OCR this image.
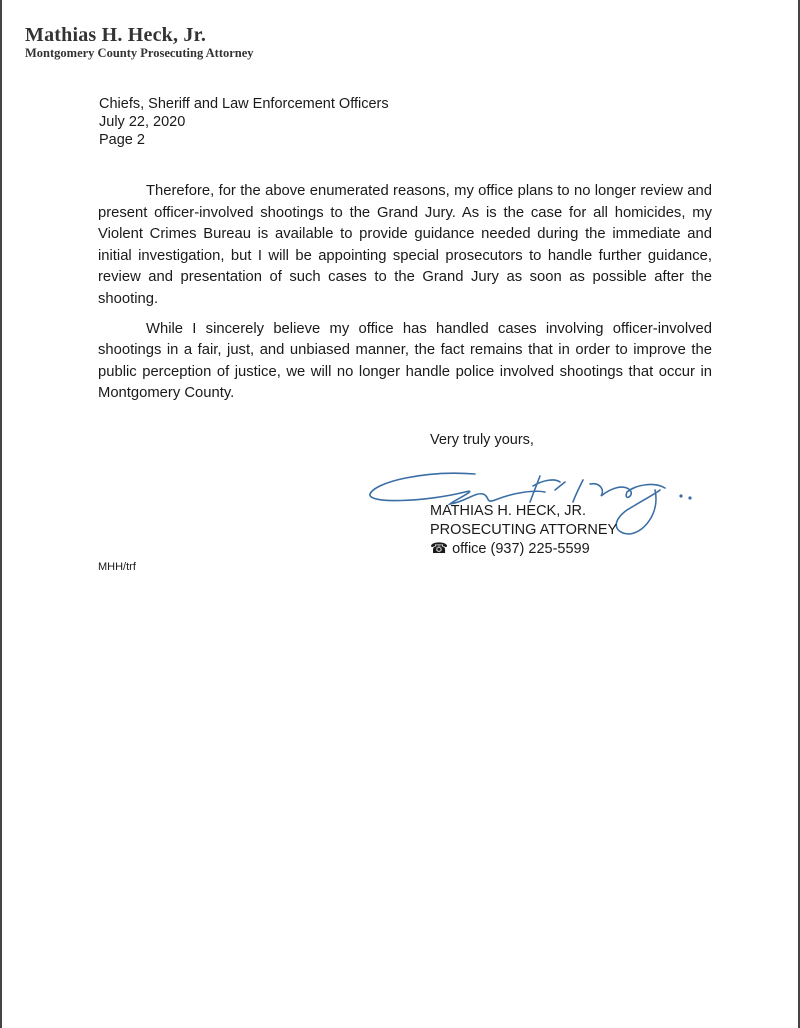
Mathias H. Heck, Jr.
Montgomery County Prosecuting Attorney
Chiefs, Sheriff and Law Enforcement Officers
July 22, 2020
Page 2

Therefore, for the above enumerated reasons, my office plans to no longer review and present officer-involved shootings to the Grand Jury. As is the case for all homicides, my Violent Crimes Bureau is available to provide guidance needed during the immediate and initial investigation, but I will be appointing special prosecutors to handle further guidance, review and presentation of such cases to the Grand Jury as soon as possible after the shooting.

While I sincerely believe my office has handled cases involving officer-involved shootings in a fair, just, and unbiased manner, the fact remains that in order to improve the public perception of justice, we will no longer handle police involved shootings that occur in Montgomery County.

Very truly yours,
MATHIAS H. HECK, JR.
PROSECUTING ATTORNEY
☎ office (937) 225-5599
MHH/trf
